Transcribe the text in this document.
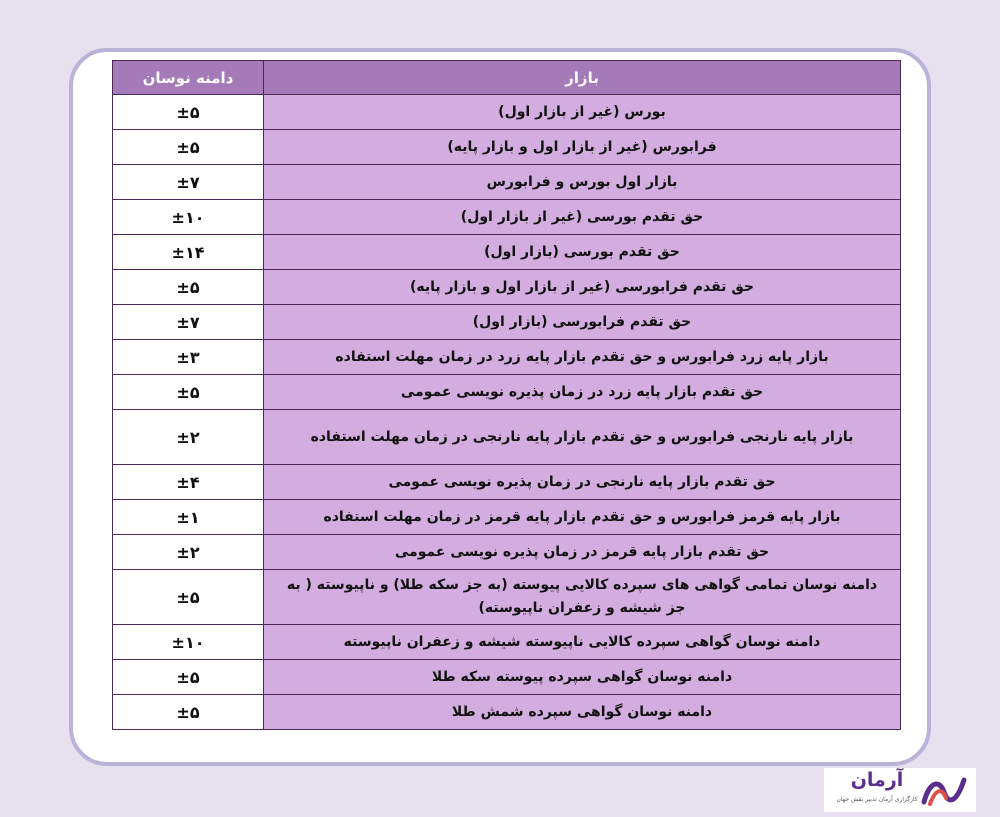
بازار	دامنه نوسان
بورس (غیر از بازار اول)	±۵
فرابورس (غیر از بازار اول و بازار پایه)	±۵
بازار اول بورس و فرابورس	±۷
حق تقدم بورسی (غیر از بازار اول)	±۱۰
حق تقدم بورسی (بازار اول)	±۱۴
حق تقدم فرابورسی (غیر از بازار اول و بازار پایه)	±۵
حق تقدم فرابورسی (بازار اول)	±۷
بازار پایه زرد فرابورس و حق تقدم بازار پایه زرد در زمان مهلت استفاده	±۳
حق تقدم بازار پایه زرد در زمان پذیره نویسی عمومی	±۵
بازار پایه نارنجی فرابورس و حق تقدم بازار پایه نارنجی در زمان مهلت استفاده	±۲
حق تقدم بازار پایه نارنجی در زمان پذیره نویسی عمومی	±۴
بازار پایه قرمز فرابورس و حق تقدم بازار پایه قرمز در زمان مهلت استفاده	±۱
حق تقدم بازار پایه قرمز در زمان پذیره نویسی عمومی	±۲
دامنه نوسان تمامی گواهی های سپرده کالایی پیوسته (به جز سکه طلا) و ناپیوسته ( به جز شیشه و زعفران ناپیوسته)	±۵
دامنه نوسان گواهی سپرده کالایی ناپیوسته شیشه و زعفران ناپیوسته	±۱۰
دامنه نوسان گواهی سپرده پیوسته سکه طلا	±۵
دامنه نوسان گواهی سپرده شمش طلا	±۵
آرمان
کارگزاری آرمان تدبیر نقش جهان
